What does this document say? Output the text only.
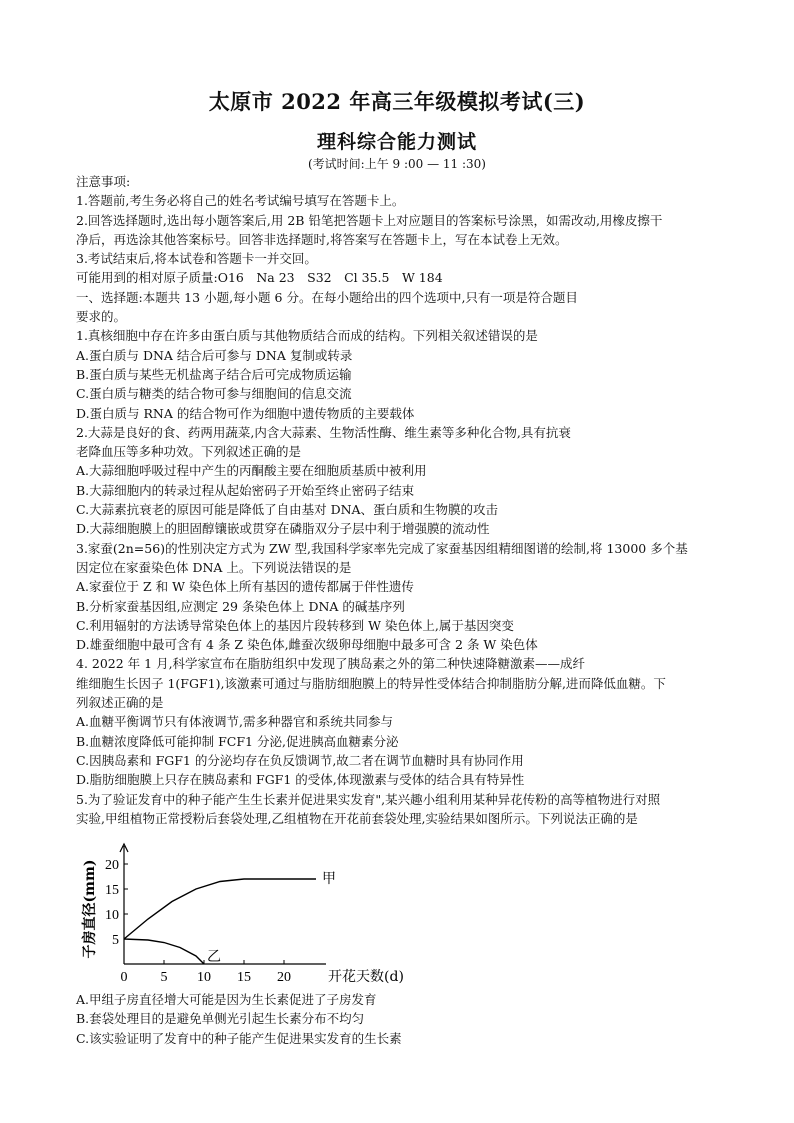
太原市 2022 年高三年级模拟考试(三)
理科综合能力测试
(考试时间:上午 9 :00 — 11 :30)
注意事项:
1.答题前,考生务必将自己的姓名考试编号填写在答题卡上。
2.回答选择题时,选出每小题答案后,用 2B 铅笔把答题卡上对应题目的答案标号涂黑，如需改动,用橡皮擦干
净后，再选涂其他答案标号。回答非选择题时,将答案写在答题卡上，写在本试卷上无效。
3.考试结束后,将本试卷和答题卡一并交回。
可能用到的相对原子质量:O16　Na 23　S32　Cl 35.5　W 184
一、选择题:本题共 13 小题,每小题 6 分。在每小题给出的四个选项中,只有一项是符合题目
要求的。
1.真核细胞中存在许多由蛋白质与其他物质结合而成的结构。下列相关叙述错误的是
A.蛋白质与 DNA 结合后可参与 DNA 复制或转录
B.蛋白质与某些无机盐离子结合后可完成物质运输
C.蛋白质与糖类的结合物可参与细胞间的信息交流
D.蛋白质与 RNA 的结合物可作为细胞中遗传物质的主要载体
2.大蒜是良好的食、药两用蔬菜,内含大蒜素、生物活性酶、维生素等多种化合物,具有抗衰
老降血压等多种功效。下列叙述正确的是
A.大蒜细胞呼吸过程中产生的丙酮酸主要在细胞质基质中被利用
B.大蒜细胞内的转录过程从起始密码子开始至终止密码子结束
C.大蒜素抗衰老的原因可能是降低了自由基对 DNA、蛋白质和生物膜的攻击
D.大蒜细胞膜上的胆固醇镶嵌或贯穿在磷脂双分子层中利于增强膜的流动性
3.家蚕(2n=56)的性别决定方式为 ZW 型,我国科学家率先完成了家蚕基因组精细图谱的绘制,将 13000 多个基
因定位在家蚕染色体 DNA 上。下列说法错误的是
A.家蚕位于 Z 和 W 染色体上所有基因的遗传都属于伴性遗传
B.分析家蚕基因组,应测定 29 条染色体上 DNA 的碱基序列
C.利用辐射的方法诱导常染色体上的基因片段转移到 W 染色体上,属于基因突变
D.雄蚕细胞中最可含有 4 条 Z 染色体,雌蚕次级卵母细胞中最多可含 2 条 W 染色体
4. 2022 年 1 月,科学家宣布在脂肪组织中发现了胰岛素之外的第二种快速降糖激素——成纤
维细胞生长因子 1(FGF1),该激素可通过与脂肪细胞膜上的特异性受体结合抑制脂肪分解,进而降低血糖。下
列叙述正确的是
A.血糖平衡调节只有体液调节,需多种器官和系统共同参与
B.血糖浓度降低可能抑制 FCF1 分泌,促进胰高血糖素分泌
C.因胰岛素和 FGF1 的分泌均存在负反馈调节,故二者在调节血糖时具有协同作用
D.脂肪细胞膜上只存在胰岛素和 FGF1 的受体,体现激素与受体的结合具有特异性
5.为了验证发育中的种子能产生生长素并促进果实发育",某兴趣小组利用某种异花传粉的高等植物进行对照
实验,甲组植物正常授粉后套袋处理,乙组植物在开花前套袋处理,实验结果如图所示。下列说法正确的是
5
10
15
20
0 5 10 15 20	开花天数(d)
子房直径(mm)	甲
乙
A.甲组子房直径增大可能是因为生长素促进了子房发育
B.套袋处理目的是避免单侧光引起生长素分布不均匀
C.该实验证明了发育中的种子能产生促进果实发育的生长素
